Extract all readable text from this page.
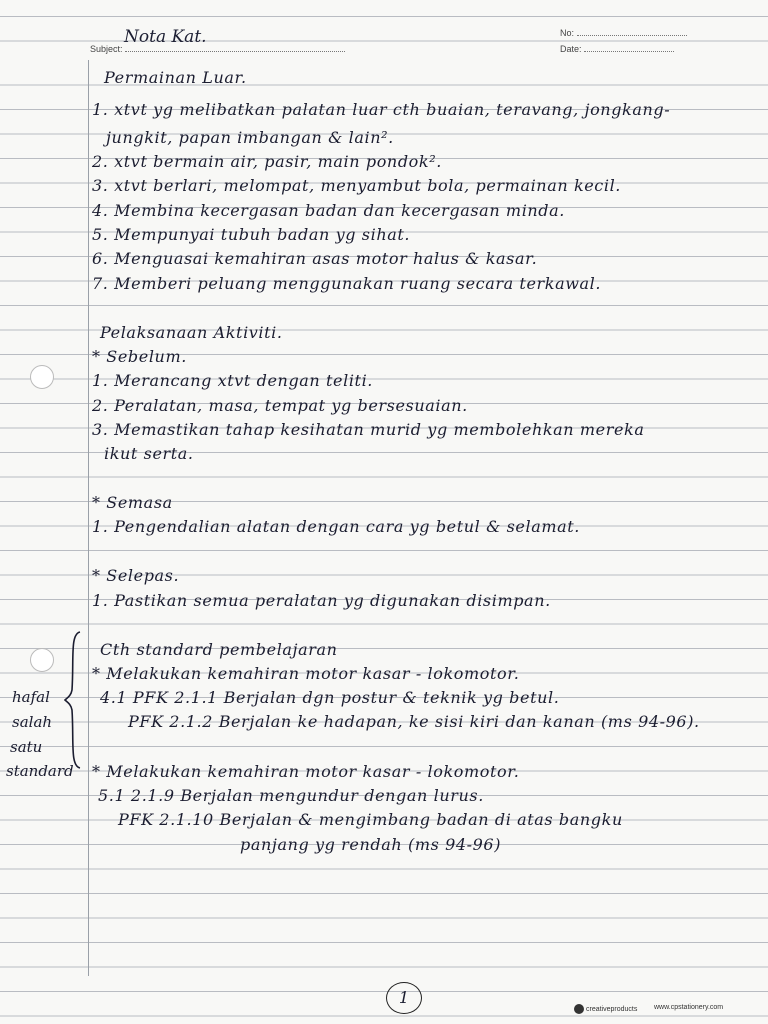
Subject:
Nota Kat.	No:
Date:
Permainan Luar.
1. xtvt yg melibatkan palatan luar cth buaian, teravang, jongkang-
jungkit, papan imbangan & lain².
2. xtvt bermain air, pasir, main pondok².
3. xtvt berlari, melompat, menyambut bola, permainan kecil.
4. Membina kecergasan badan dan kecergasan minda.
5. Mempunyai tubuh badan yg sihat.
6. Menguasai kemahiran asas motor halus & kasar.
7. Memberi peluang menggunakan ruang secara terkawal.
Pelaksanaan Aktiviti.
* Sebelum.
1. Merancang xtvt dengan teliti.
2. Peralatan, masa, tempat yg bersesuaian.
3. Memastikan tahap kesihatan murid yg membolehkan mereka
ikut serta.
* Semasa
1. Pengendalian alatan dengan cara yg betul & selamat.
* Selepas.
1. Pastikan semua peralatan yg digunakan disimpan.
Cth standard pembelajaran
* Melakukan kemahiran motor kasar - lokomotor.
4.1 PFK 2.1.1 Berjalan dgn postur & teknik yg betul.
PFK 2.1.2 Berjalan ke hadapan, ke sisi kiri dan kanan (ms 94-96).
* Melakukan kemahiran motor kasar - lokomotor.
5.1 2.1.9 Berjalan mengundur dengan lurus.
PFK 2.1.10 Berjalan & mengimbang badan di atas bangku
panjang yg rendah (ms 94-96)
hafal
salah
satu
standard
1
creativeproducts www.cpstationery.com
